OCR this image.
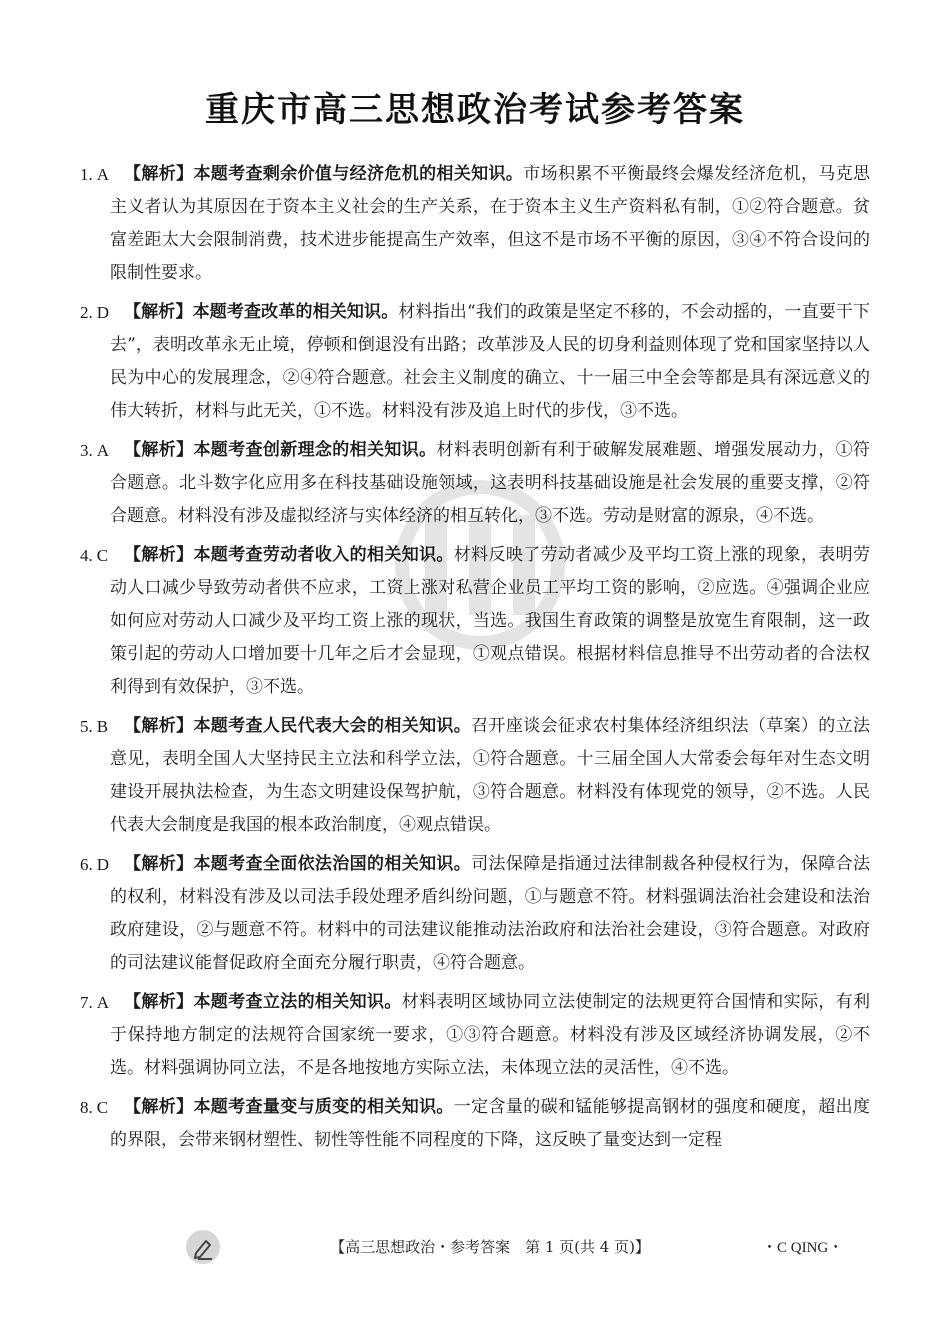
重庆市高三思想政治考试参考答案
1. A 【解析】本题考查剩余价值与经济危机的相关知识。市场积累不平衡最终会爆发经济危机，马克思主义者认为其原因在于资本主义社会的生产关系，在于资本主义生产资料私有制，①②符合题意。贫富差距太大会限制消费，技术进步能提高生产效率，但这不是市场不平衡的原因，③④不符合设问的限制性要求。
2. D 【解析】本题考查改革的相关知识。材料指出“我们的政策是坚定不移的，不会动摇的，一直要干下去”，表明改革永无止境，停顿和倒退没有出路；改革涉及人民的切身利益则体现了党和国家坚持以人民为中心的发展理念，②④符合题意。社会主义制度的确立、十一届三中全会等都是具有深远意义的伟大转折，材料与此无关，①不选。材料没有涉及追上时代的步伐，③不选。
3. A 【解析】本题考查创新理念的相关知识。材料表明创新有利于破解发展难题、增强发展动力，①符合题意。北斗数字化应用多在科技基础设施领域，这表明科技基础设施是社会发展的重要支撑，②符合题意。材料没有涉及虚拟经济与实体经济的相互转化，③不选。劳动是财富的源泉，④不选。
4. C 【解析】本题考查劳动者收入的相关知识。材料反映了劳动者减少及平均工资上涨的现象，表明劳动人口减少导致劳动者供不应求，工资上涨对私营企业员工平均工资的影响，②应选。④强调企业应如何应对劳动人口减少及平均工资上涨的现状，当选。我国生育政策的调整是放宽生育限制，这一政策引起的劳动人口增加要十几年之后才会显现，①观点错误。根据材料信息推导不出劳动者的合法权利得到有效保护，③不选。
5. B 【解析】本题考查人民代表大会的相关知识。召开座谈会征求农村集体经济组织法（草案）的立法意见，表明全国人大坚持民主立法和科学立法，①符合题意。十三届全国人大常委会每年对生态文明建设开展执法检查，为生态文明建设保驾护航，③符合题意。材料没有体现党的领导，②不选。人民代表大会制度是我国的根本政治制度，④观点错误。
6. D 【解析】本题考查全面依法治国的相关知识。司法保障是指通过法律制裁各种侵权行为，保障合法的权利，材料没有涉及以司法手段处理矛盾纠纷问题，①与题意不符。材料强调法治社会建设和法治政府建设，②与题意不符。材料中的司法建议能推动法治政府和法治社会建设，③符合题意。对政府的司法建议能督促政府全面充分履行职责，④符合题意。
7. A 【解析】本题考查立法的相关知识。材料表明区域协同立法使制定的法规更符合国情和实际，有利于保持地方制定的法规符合国家统一要求，①③符合题意。材料没有涉及区域经济协调发展，②不选。材料强调协同立法，不是各地按地方实际立法，未体现立法的灵活性，④不选。
8. C 【解析】本题考查量变与质变的相关知识。一定含量的碳和锰能够提高钢材的强度和硬度，超出度的界限，会带来钢材塑性、韧性等性能不同程度的下降，这反映了量变达到一定程
【高三思想政治・参考答案　第 1 页(共 4 页)】	・C QING・
